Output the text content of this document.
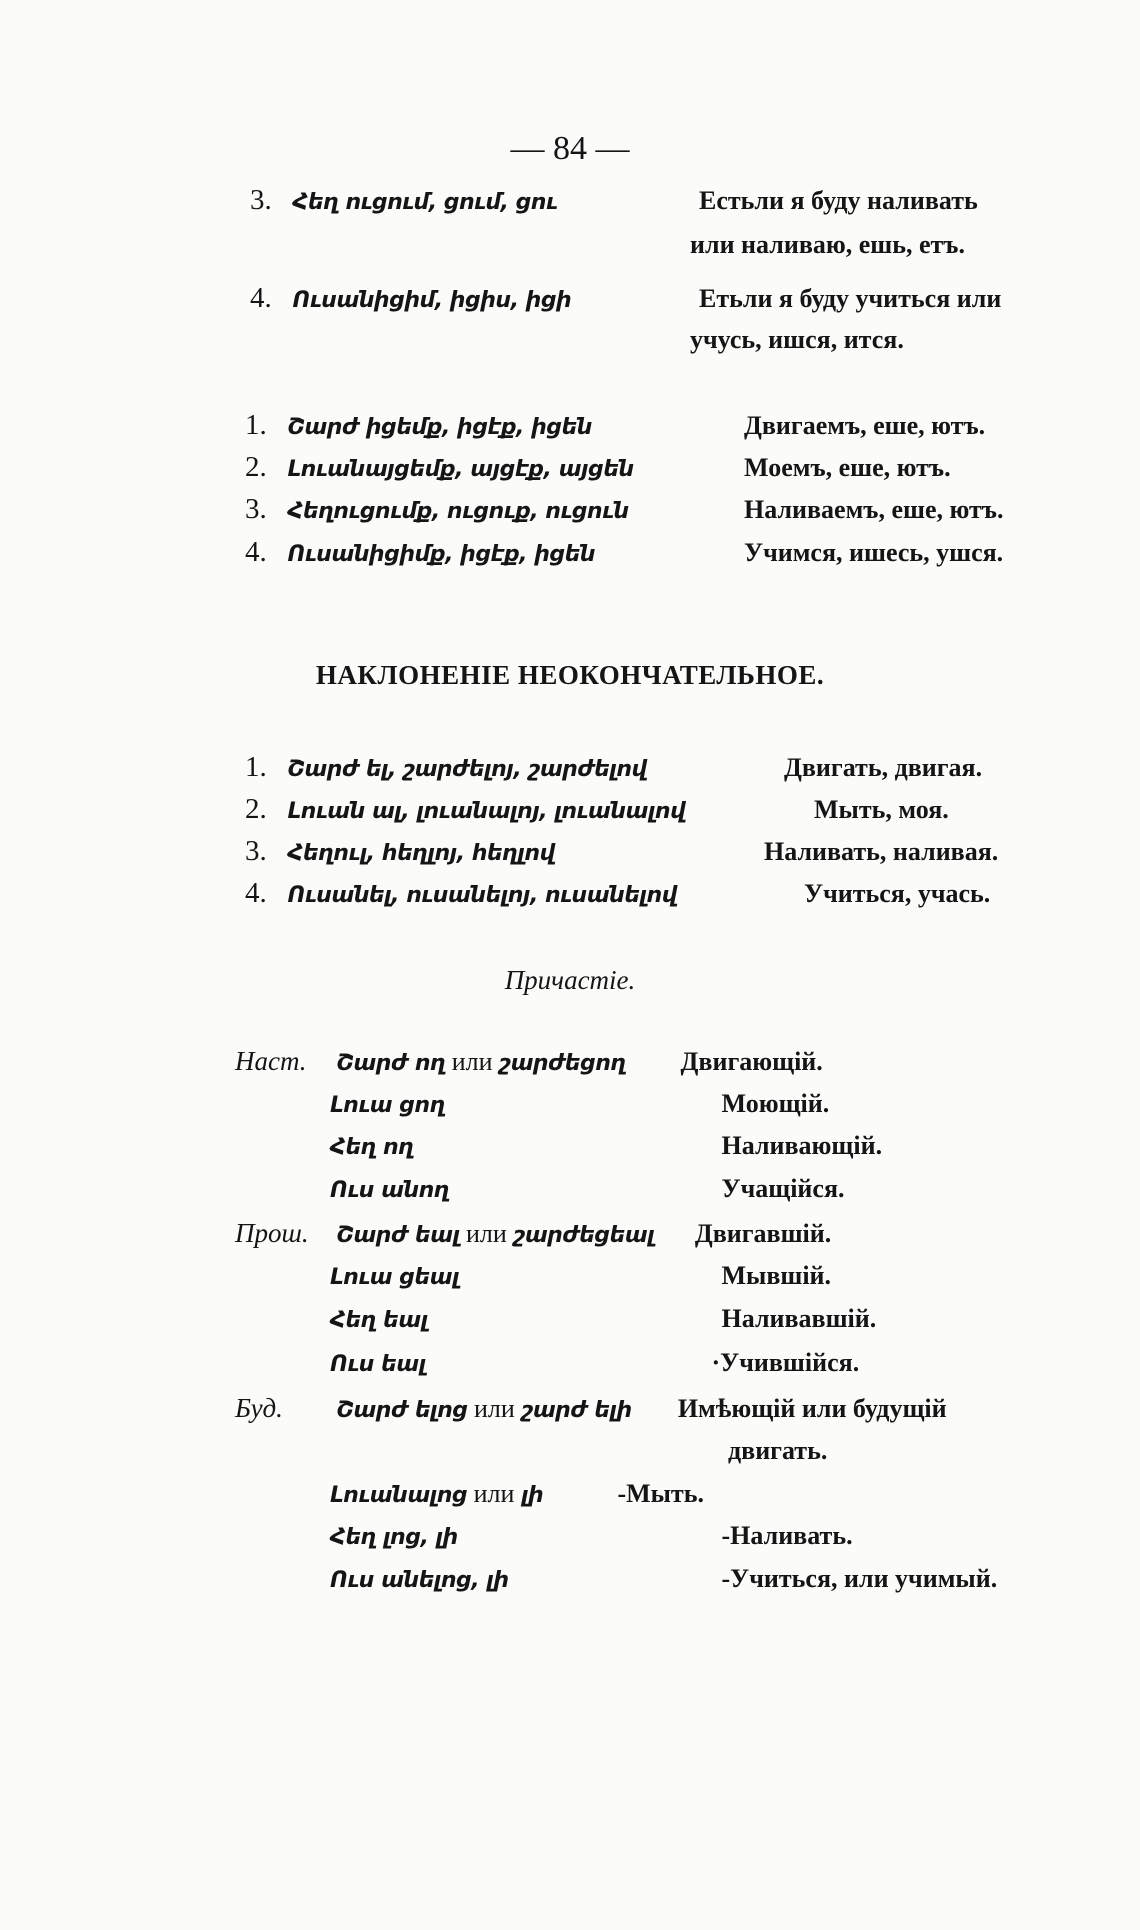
— 84 —
3. Հեղ ուցում, ցում, ցու	Естьли я буду наливать
или наливаю, ешь, етъ.
4. Ուսանիցիմ, իցիս, իցի	Етьли я буду учиться или
учусь, ишся, ится.
1. Շարժ իցեմք, իցէք, իցեն	Двигаемъ, еше, ютъ.
2. Լուանայցեմք, այցէք, այցեն	Моемъ, еше, ютъ.
3. Հեղուցումք, ուցուք, ուցուն	Наливаемъ, еше, ютъ.
4. Ուսանիցիմք, իցէք, իցեն	Учимся, ишесь, ушся.
НАКЛОНЕНІЕ НЕОКОНЧАТЕЛЬНОЕ.
1. Շարժ ել, շարժելոյ, շարժելով	Двигать, двигая.
2. Լուան ալ, լուանալոյ, լուանալով	Мыть, моя.
3. Հեղուլ, հեղլոյ, հեղլով	Наливать, наливая.
4. Ուսանել, ուսանելոյ, ուսանելով	Учиться, учась.
Причастіе.
Наст. Շարժ ող или շարժեցող Двигающій.
Լուա ցող	Моющій.
Հեղ ող	Наливающій.
Ուս անող	Учащійся.
Прош. Շարժ եալ или շարժեցեալ Двигавшій.
Լուա ցեալ	Мывшій.
Հեղ եալ	Наливавшій.
Ուս եալ	·Учившійся.
Буд. Շարժ ելոց или շարժ ելի Имѣющій или будущій
двигать.
Լուանալոց или լի	-Мыть.
Հեղ լոց, լի	-Наливать.
Ուս անելոց, լի	-Учиться, или учимый.
